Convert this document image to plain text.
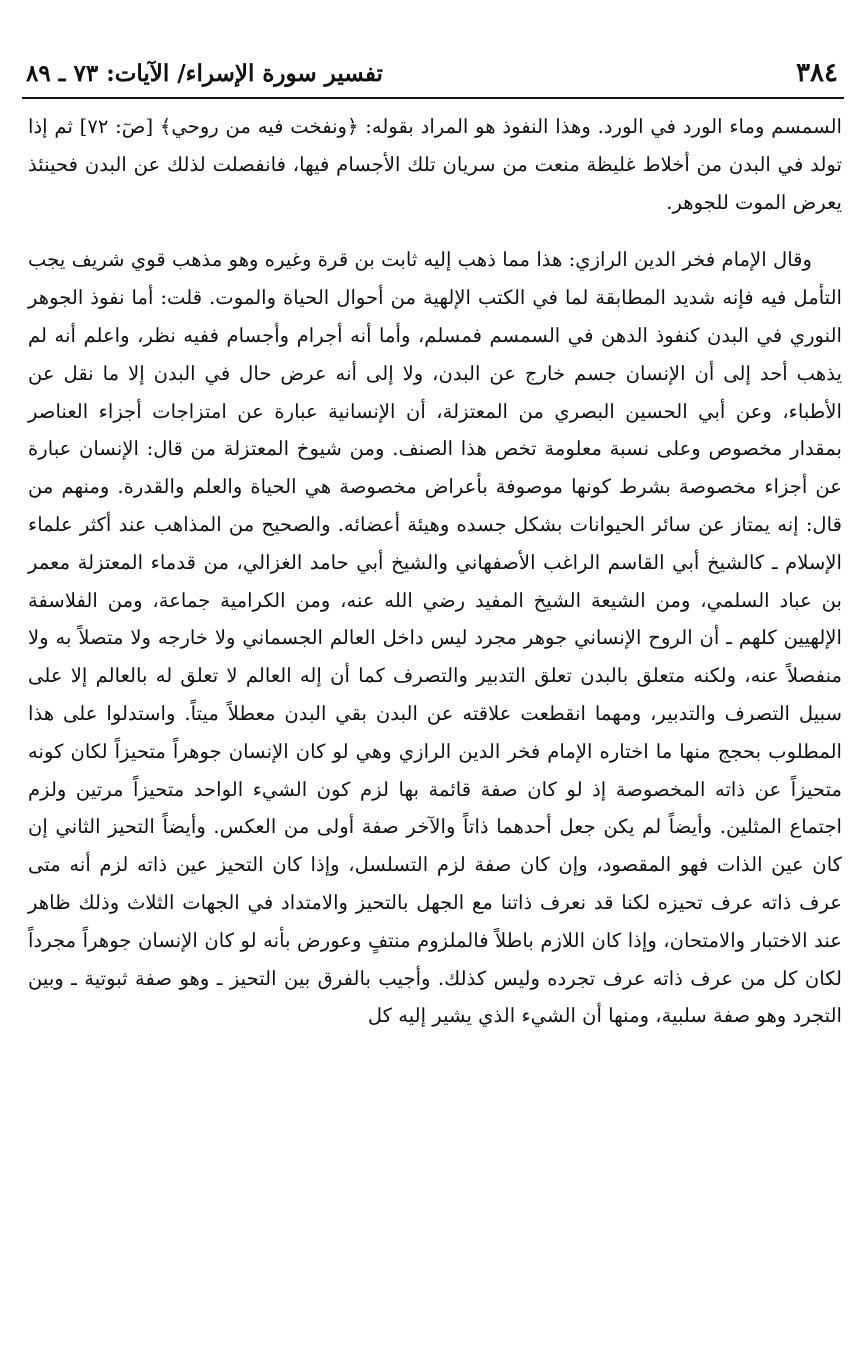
٣٨٤
تفسير سورة الإسراء/ الآيات: ٧٣ ـ ٨٩

السمسم وماء الورد في الورد. وهذا النفوذ هو المراد بقوله: ﴿ونفخت فيه من روحي﴾ [صٓ: ٧٢] ثم إذا تولد في البدن من أخلاط غليظة منعت من سريان تلك الأجسام فيها، فانفصلت لذلك عن البدن فحينئذ يعرض الموت للجوهر.

وقال الإمام فخر الدين الرازي: هذا مما ذهب إليه ثابت بن قرة وغيره وهو مذهب قوي شريف يجب التأمل فيه فإنه شديد المطابقة لما في الكتب الإلهية من أحوال الحياة والموت. قلت: أما نفوذ الجوهر النوري في البدن كنفوذ الدهن في السمسم فمسلم، وأما أنه أجرام وأجسام ففيه نظر، واعلم أنه لم يذهب أحد إلى أن الإنسان جسم خارج عن البدن، ولا إلى أنه عرض حال في البدن إلا ما نقل عن الأطباء، وعن أبي الحسين البصري من المعتزلة، أن الإنسانية عبارة عن امتزاجات أجزاء العناصر بمقدار مخصوص وعلى نسبة معلومة تخص هذا الصنف. ومن شيوخ المعتزلة من قال: الإنسان عبارة عن أجزاء مخصوصة بشرط كونها موصوفة بأعراض مخصوصة هي الحياة والعلم والقدرة. ومنهم من قال: إنه يمتاز عن سائر الحيوانات بشكل جسده وهيئة أعضائه. والصحيح من المذاهب عند أكثر علماء الإسلام ـ كالشيخ أبي القاسم الراغب الأصفهاني والشيخ أبي حامد الغزالي، من قدماء المعتزلة معمر بن عباد السلمي، ومن الشيعة الشيخ المفيد رضي الله عنه، ومن الكرامية جماعة، ومن الفلاسفة الإلهيين كلهم ـ أن الروح الإنساني جوهر مجرد ليس داخل العالم الجسماني ولا خارجه ولا متصلاً به ولا منفصلاً عنه، ولكنه متعلق بالبدن تعلق التدبير والتصرف كما أن إله العالم لا تعلق له بالعالم إلا على سبيل التصرف والتدبير، ومهما انقطعت علاقته عن البدن بقي البدن معطلاً ميتاً. واستدلوا على هذا المطلوب بحجج منها ما اختاره الإمام فخر الدين الرازي وهي لو كان الإنسان جوهراً متحيزاً لكان كونه متحيزاً عن ذاته المخصوصة إذ لو كان صفة قائمة بها لزم كون الشيء الواحد متحيزاً مرتين ولزم اجتماع المثلين. وأيضاً لم يكن جعل أحدهما ذاتاً والآخر صفة أولى من العكس. وأيضاً التحيز الثاني إن كان عين الذات فهو المقصود، وإن كان صفة لزم التسلسل، وإذا كان التحيز عين ذاته لزم أنه متى عرف ذاته عرف تحيزه لكنا قد نعرف ذاتنا مع الجهل بالتحيز والامتداد في الجهات الثلاث وذلك ظاهر عند الاختبار والامتحان، وإذا كان اللازم باطلاً فالملزوم منتفٍ وعورض بأنه لو كان الإنسان جوهراً مجرداً لكان كل من عرف ذاته عرف تجرده وليس كذلك. وأجيب بالفرق بين التحيز ـ وهو صفة ثبوتية ـ وبين التجرد وهو صفة سلبية، ومنها أن الشيء الذي يشير إليه كل
